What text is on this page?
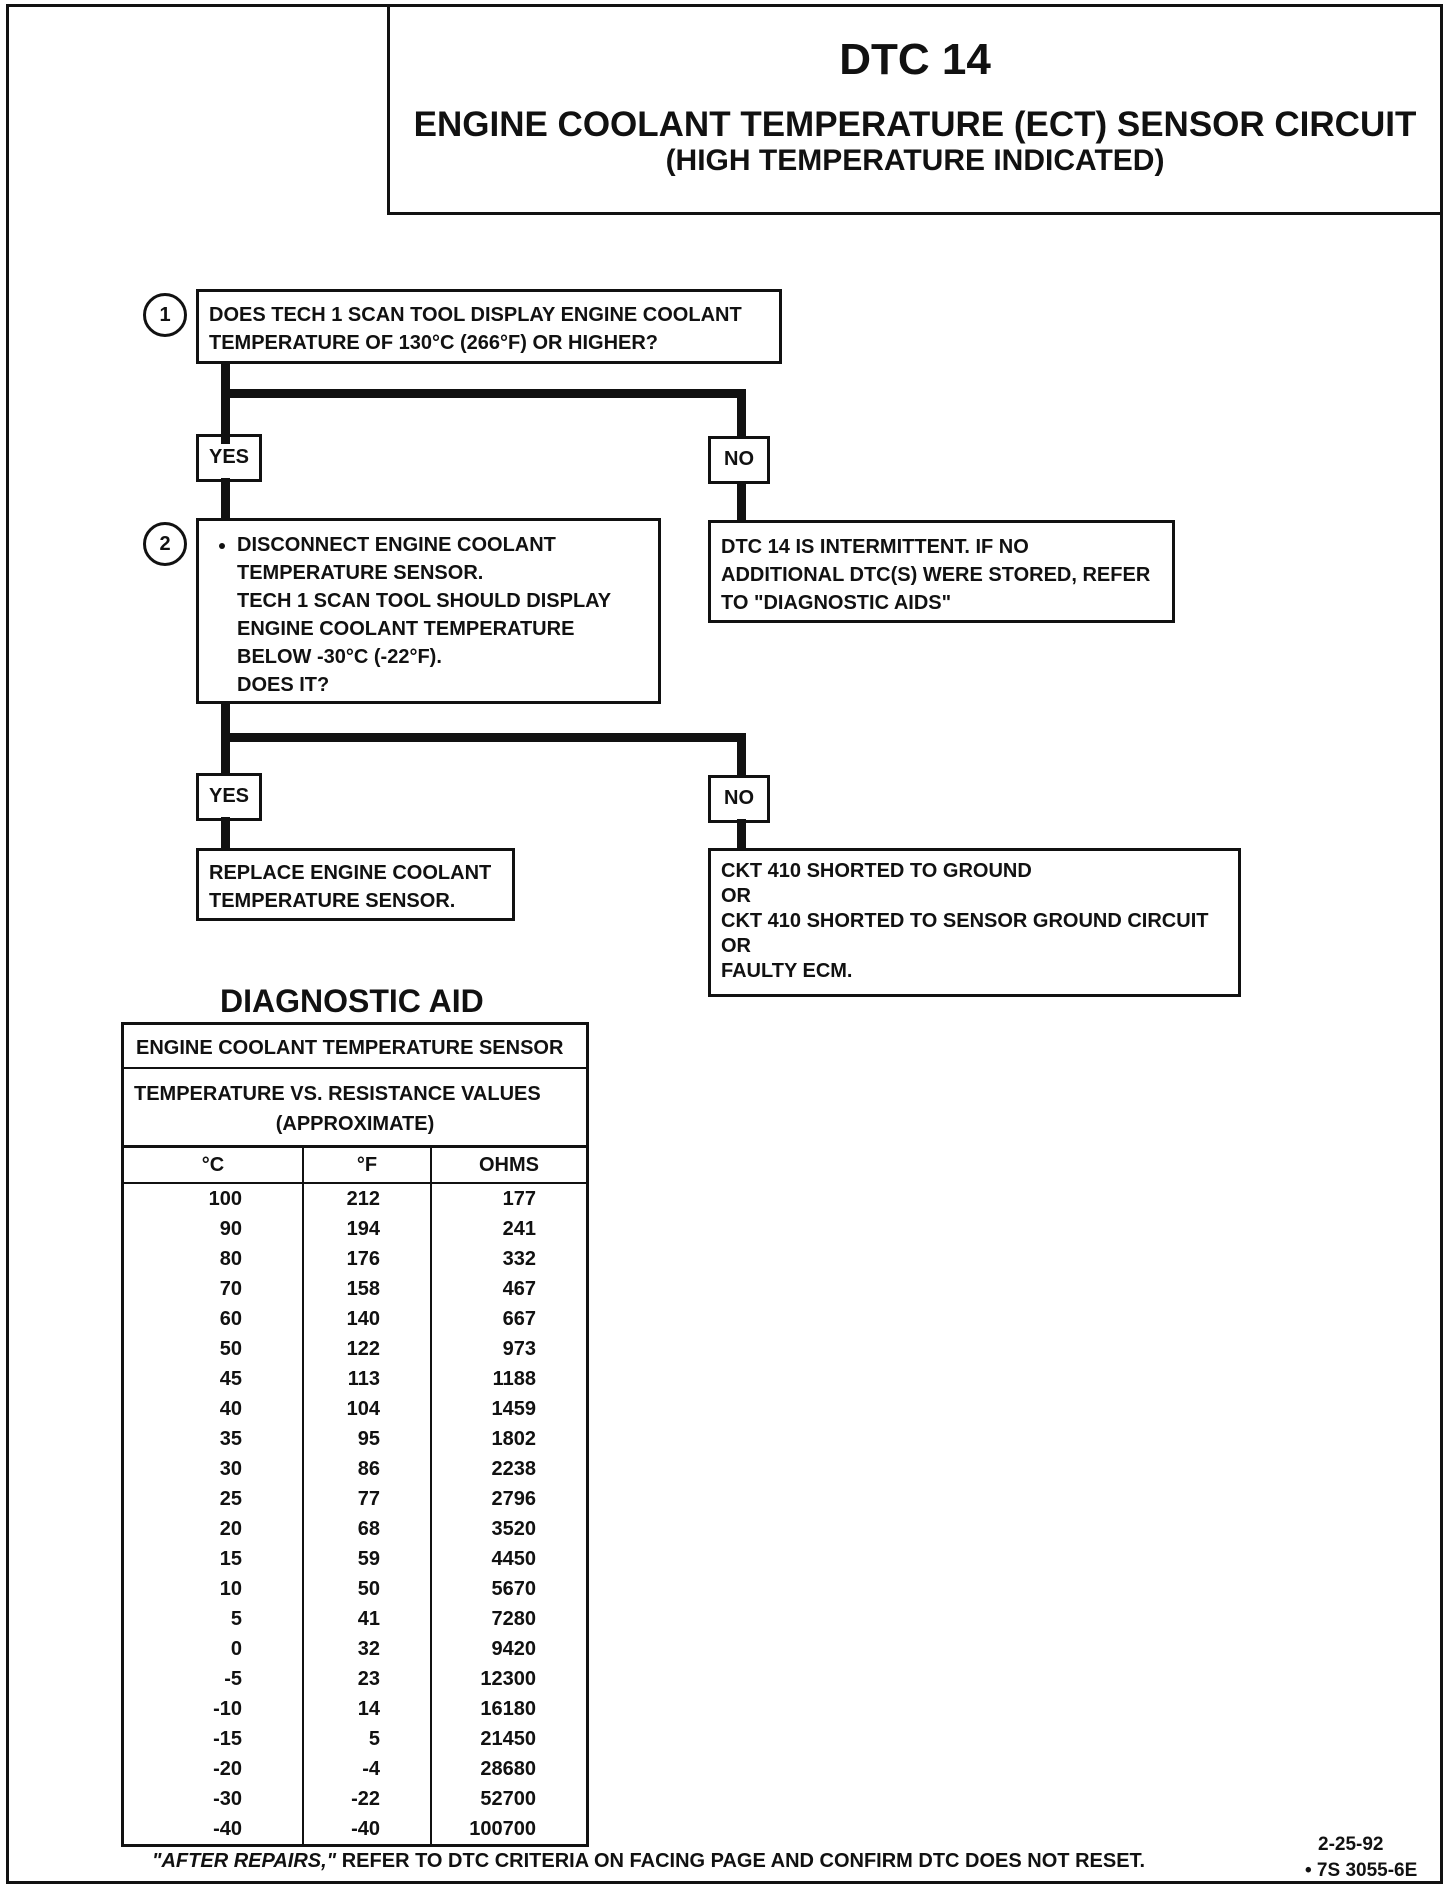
DTC 14
ENGINE COOLANT TEMPERATURE (ECT) SENSOR CIRCUIT
(HIGH TEMPERATURE INDICATED)
1	DOES TECH 1 SCAN TOOL DISPLAY ENGINE COOLANT
TEMPERATURE OF 130°C (266°F) OR HIGHER?
YES	NO
2	• DISCONNECT ENGINE COOLANT
TEMPERATURE SENSOR.
TECH 1 SCAN TOOL SHOULD DISPLAY
ENGINE COOLANT TEMPERATURE
BELOW -30°C (-22°F).
DOES IT?
DTC 14 IS INTERMITTENT. IF NO
ADDITIONAL DTC(S) WERE STORED, REFER
TO "DIAGNOSTIC AIDS"
YES	NO
REPLACE ENGINE COOLANT
TEMPERATURE SENSOR.
CKT 410 SHORTED TO GROUND
OR
CKT 410 SHORTED TO SENSOR GROUND CIRCUIT
OR
FAULTY ECM.
DIAGNOSTIC AID
ENGINE COOLANT TEMPERATURE SENSOR
TEMPERATURE VS. RESISTANCE VALUES
(APPROXIMATE)
°C	°F	OHMS
100	212	177
90	194	241
80	176	332
70	158	467
60	140	667
50	122	973
45	113	1188
40	104	1459
35	95	1802
30	86	2238
25	77	2796
20	68	3520
15	59	4450
10	50	5670
5	41	7280
0	32	9420
-5	23	12300
-10	14	16180
-15	5	21450
-20	-4	28680
-30	-22	52700
-40	-40	100700
"AFTER REPAIRS," REFER TO DTC CRITERIA ON FACING PAGE AND CONFIRM DTC DOES NOT RESET.
2-25-92
• 7S 3055-6E
